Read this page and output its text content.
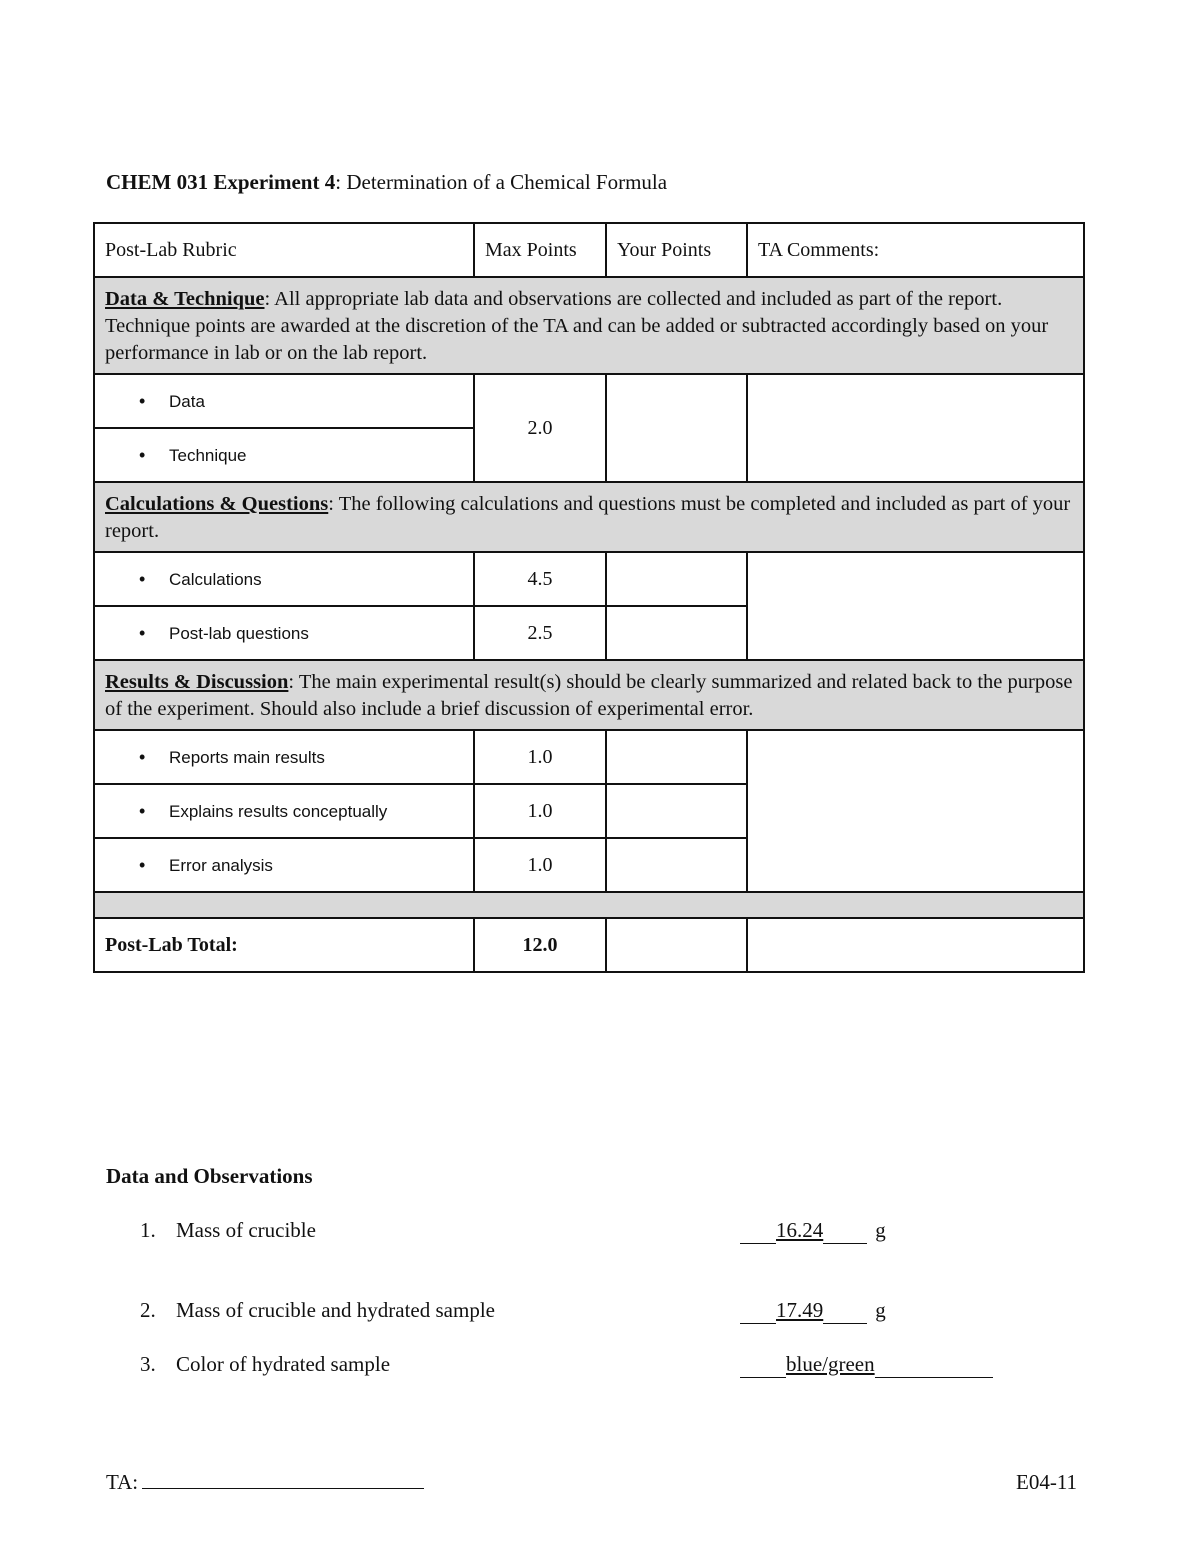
CHEM 031 Experiment 4: Determination of a Chemical Formula
Post-Lab Rubric	Max Points	Your Points	TA Comments:
Data & Technique: All appropriate lab data and observations are collected and included as part of the report. Technique points are awarded at the discretion of the TA and can be added or subtracted accordingly based on your performance in lab or on the lab report.			
• Data	2.0		
• Technique			
Calculations & Questions: The following calculations and questions must be completed and included as part of your report.			
• Calculations	4.5		
• Post-lab questions	2.5		
Results & Discussion: The main experimental result(s) should be clearly summarized and related back to the purpose of the experiment. Should also include a brief discussion of experimental error.			
• Reports main results	1.0		
• Explains results conceptually	1.0		
• Error analysis	1.0		

Post-Lab Total:	12.0		
Data and Observations
1. Mass of crucible	16.24 g
2. Mass of crucible and hydrated sample	17.49 g
3. Color of hydrated sample	blue/green
TA:	E04-11
